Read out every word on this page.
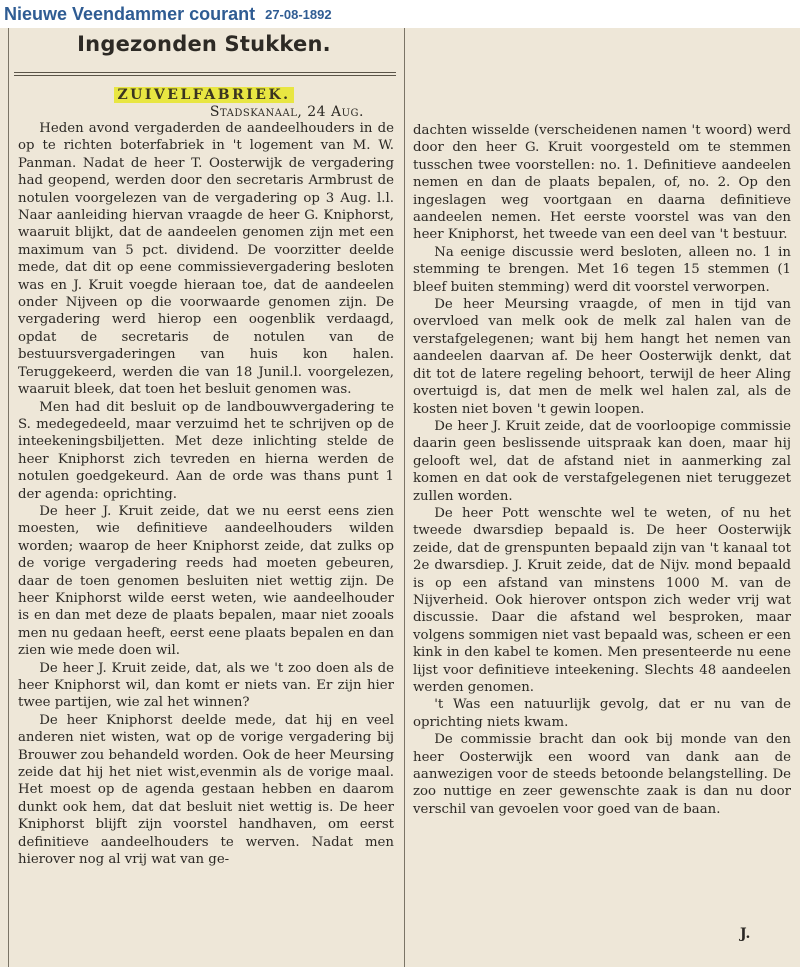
Nieuwe Veendammer courant 27-08-1892
Ingezonden Stukken.
ZUIVELFABRIEK.
Stadskanaal, 24 Aug.

Heden avond vergaderden de aandeelhouders in de op te richten boterfabriek in 't logement van M. W. Panman. Nadat de heer T. Oosterwijk de vergadering had geopend, werden door den secretaris Armbrust de notulen voorgelezen van de vergadering op 3 Aug. l.l. Naar aanleiding hiervan vraagde de heer G. Kniphorst, waaruit blijkt, dat de aandeelen genomen zijn met een maximum van 5 pct. dividend. De voorzitter deelde mede, dat dit op eene commissievergadering besloten was en J. Kruit voegde hieraan toe, dat de aandeelen onder Nijveen op die voorwaarde genomen zijn. De vergadering werd hierop een oogenblik verdaagd, opdat de secretaris de notulen van de bestuursvergaderingen van huis kon halen. Teruggekeerd, werden die van 18 Junil.l. voorgelezen, waaruit bleek, dat toen het besluit genomen was.

Men had dit besluit op de landbouwvergadering te S. medegedeeld, maar verzuimd het te schrijven op de inteekeningsbiljetten. Met deze inlichting stelde de heer Kniphorst zich tevreden en hierna werden de notulen goedgekeurd. Aan de orde was thans punt 1 der agenda: oprichting.

De heer J. Kruit zeide, dat we nu eerst eens zien moesten, wie definitieve aandeelhouders wilden worden; waarop de heer Kniphorst zeide, dat zulks op de vorige vergadering reeds had moeten gebeuren, daar de toen genomen besluiten niet wettig zijn. De heer Kniphorst wilde eerst weten, wie aandeelhouder is en dan met deze de plaats bepalen, maar niet zooals men nu gedaan heeft, eerst eene plaats bepalen en dan zien wie mede doen wil.

De heer J. Kruit zeide, dat, als we 't zoo doen als de heer Kniphorst wil, dan komt er niets van. Er zijn hier twee partijen, wie zal het winnen?

De heer Kniphorst deelde mede, dat hij en veel anderen niet wisten, wat op de vorige vergadering bij Brouwer zou behandeld worden. Ook de heer Meursing zeide dat hij het niet wist,evenmin als de vorige maal. Het moest op de agenda gestaan hebben en daarom dunkt ook hem, dat dat besluit niet wettig is. De heer Kniphorst blijft zijn voorstel handhaven, om eerst definitieve aandeelhouders te werven. Nadat men hierover nog al vrij wat van ge-

dachten wisselde (verscheidenen namen 't woord) werd door den heer G. Kruit voorgesteld om te stemmen tusschen twee voorstellen: no. 1. Definitieve aandeelen nemen en dan de plaats bepalen, of, no. 2. Op den ingeslagen weg voortgaan en daarna definitieve aandeelen nemen. Het eerste voorstel was van den heer Kniphorst, het tweede van een deel van 't bestuur.

Na eenige discussie werd besloten, alleen no. 1 in stemming te brengen. Met 16 tegen 15 stemmen (1 bleef buiten stemming) werd dit voorstel verworpen.

De heer Meursing vraagde, of men in tijd van overvloed van melk ook de melk zal halen van de verstafgelegenen; want bij hem hangt het nemen van aandeelen daarvan af. De heer Oosterwijk denkt, dat dit tot de latere regeling behoort, terwijl de heer Aling overtuigd is, dat men de melk wel halen zal, als de kosten niet boven 't gewin loopen.

De heer J. Kruit zeide, dat de voorloopige commissie daarin geen beslissende uitspraak kan doen, maar hij gelooft wel, dat de afstand niet in aanmerking zal komen en dat ook de verstafgelegenen niet teruggezet zullen worden.

De heer Pott wenschte wel te weten, of nu het tweede dwarsdiep bepaald is. De heer Oosterwijk zeide, dat de grenspunten bepaald zijn van 't kanaal tot 2e dwarsdiep. J. Kruit zeide, dat de Nijv. mond bepaald is op een afstand van minstens 1000 M. van de Nijverheid. Ook hierover ontspon zich weder vrij wat discussie. Daar die afstand wel besproken, maar volgens sommigen niet vast bepaald was, scheen er een kink in den kabel te komen. Men presenteerde nu eene lijst voor definitieve inteekening. Slechts 48 aandeelen werden genomen.

't Was een natuurlijk gevolg, dat er nu van de oprichting niets kwam.

De commissie bracht dan ook bij monde van den heer Oosterwijk een woord van dank aan de aanwezigen voor de steeds betoonde belangstelling. De zoo nuttige en zeer gewenschte zaak is dan nu door verschil van gevoelen voor goed van de baan.

J.
